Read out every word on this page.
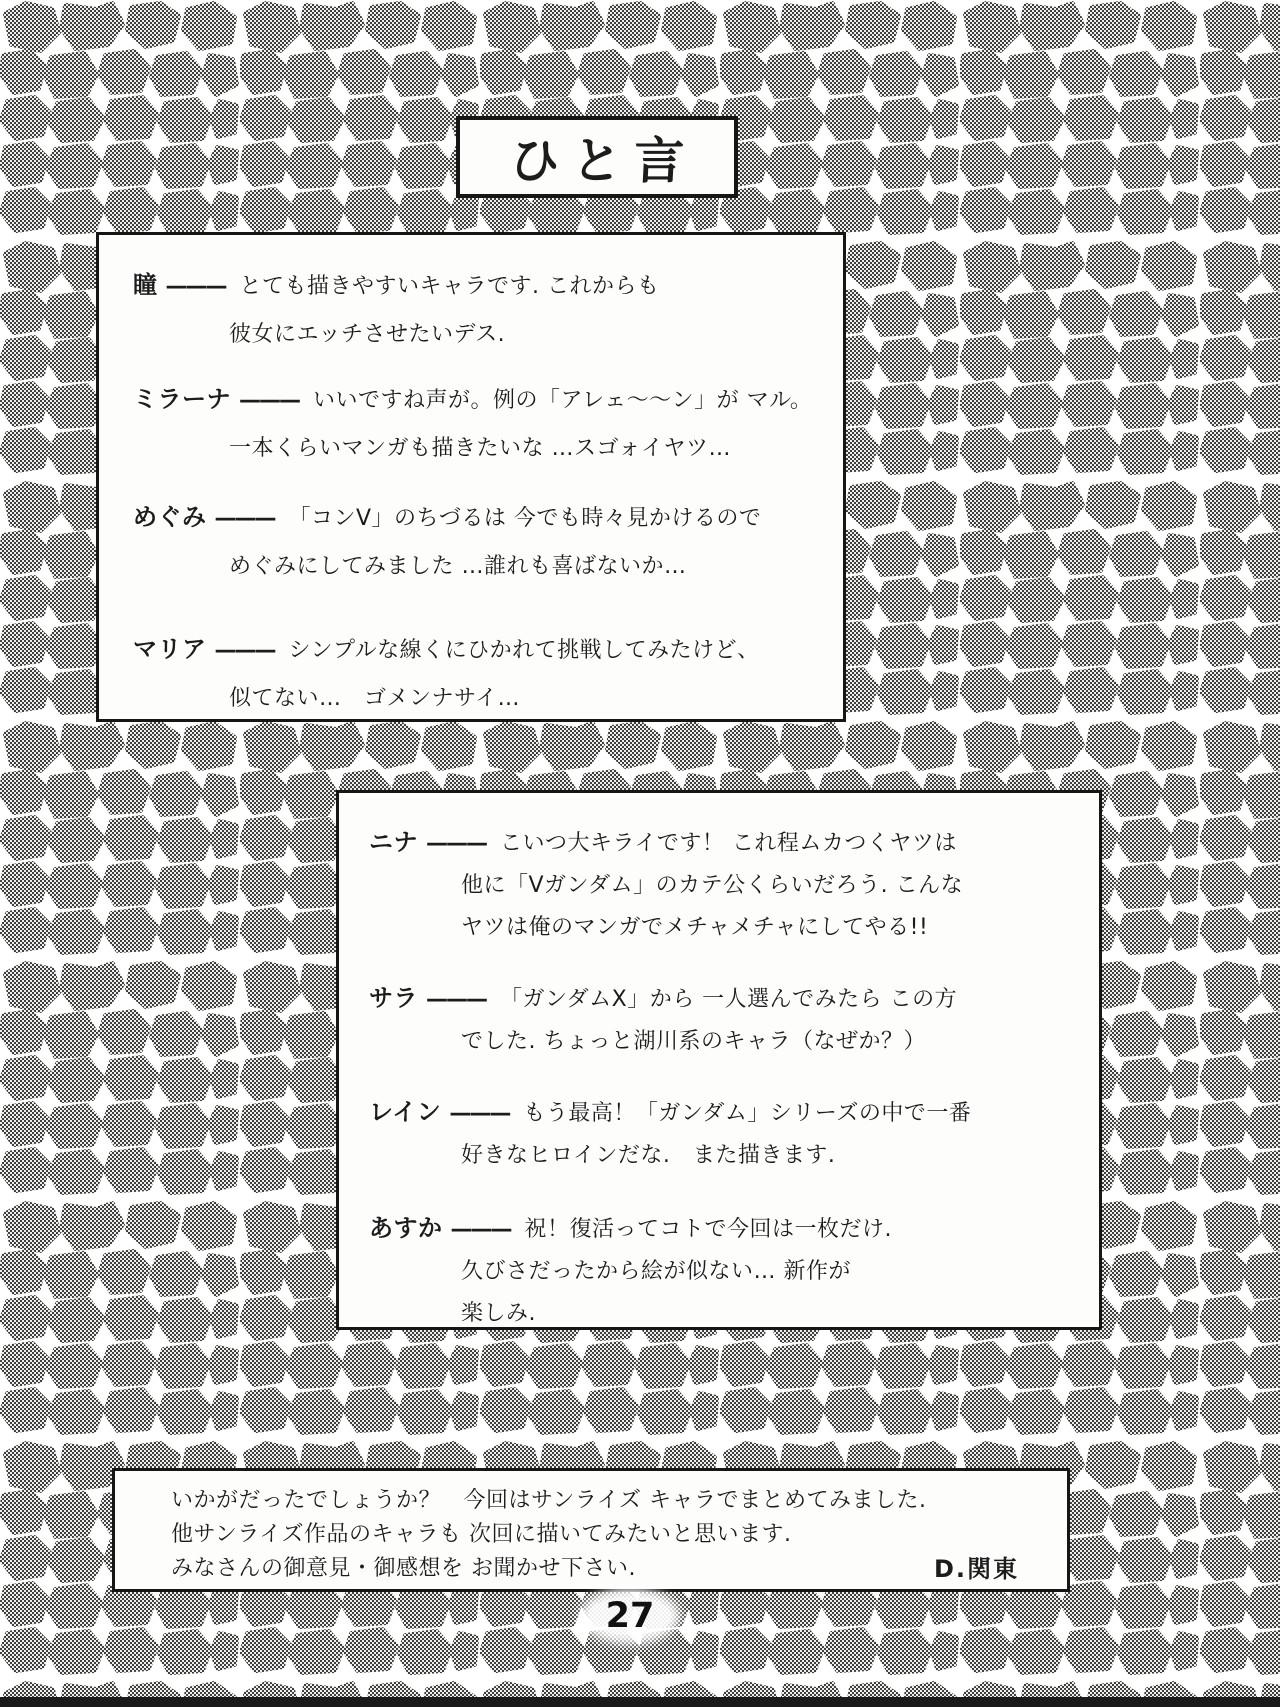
ひと言
瞳 ——— とても描きやすいキャラです. これからも
彼女にエッチさせたいデス.
ミラーナ ——— いいですね声が。例の「アレェ〜〜ン」が マル。
一本くらいマンガも描きたいな …スゴォイヤツ…
めぐみ ——— 「コンV」のちづるは 今でも時々見かけるので
めぐみにしてみました …誰れも喜ばないか…
マリア ——— シンプルな線くにひかれて挑戦してみたけど、
似てない…　ゴメンナサイ…
ニナ ——— こいつ大キライです！ これ程ムカつくヤツは
他に「Vガンダム」のカテ公くらいだろう. こんな
ヤツは俺のマンガでメチャメチャにしてやる!!
サラ ——— 「ガンダムX」から 一人選んでみたら この方
でした. ちょっと湖川系のキャラ（なぜか？）
レイン ——— もう最高！「ガンダム」シリーズの中で一番
好きなヒロインだな.　また描きます.
あすか ——— 祝！復活ってコトで今回は一枚だけ.
久びさだったから絵が似ない… 新作が
楽しみ.
いかがだったでしょうか？　今回はサンライズ キャラでまとめてみました.
他サンライズ作品のキャラも 次回に描いてみたいと思います.
みなさんの御意見・御感想を お聞かせ下さい.	D.関東
27
